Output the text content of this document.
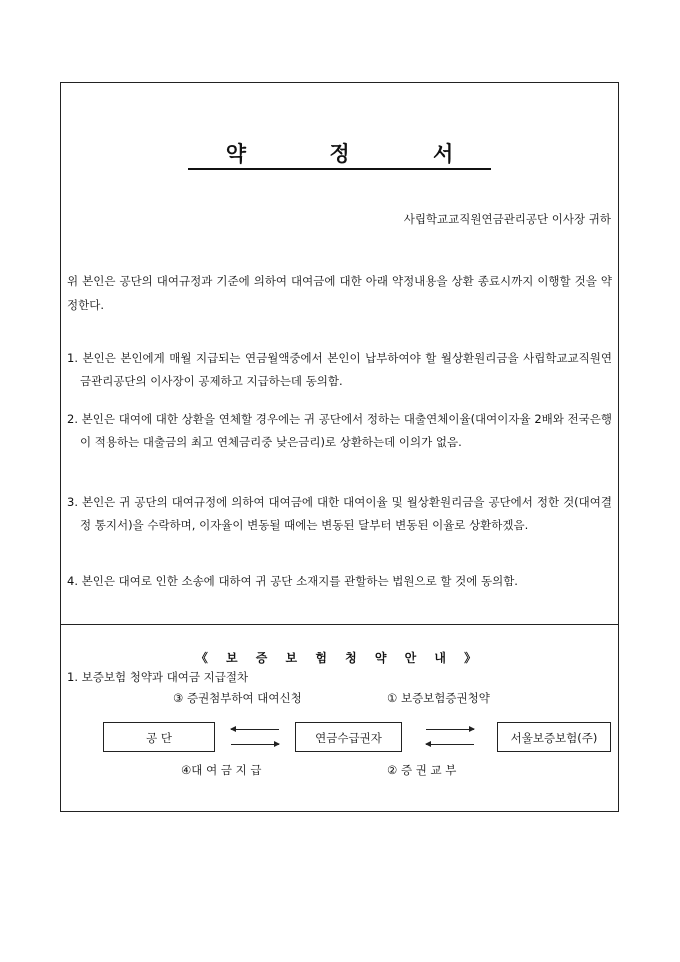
약 정 서
사립학교교직원연금관리공단 이사장 귀하
위 본인은 공단의 대여규정과 기준에 의하여 대여금에 대한 아래 약정내용을 상환 종료시까지 이행할 것을 약정한다.
1. 본인은 본인에게 매월 지급되는 연금월액중에서 본인이 납부하여야 할 월상환원리금을 사립학교교직원연금관리공단의 이사장이 공제하고 지급하는데 동의함.
2. 본인은 대여에 대한 상환을 연체할 경우에는 귀 공단에서 정하는 대출연체이율(대여이자율 2배와 전국은행이 적용하는 대출금의 최고 연체금리중 낮은금리)로 상환하는데 이의가 없음.
3. 본인은 귀 공단의 대여규정에 의하여 대여금에 대한 대여이율 및 월상환원리금을 공단에서 정한 것(대여결정 통지서)을 수락하며, 이자율이 변동될 때에는 변동된 달부터 변동된 이율로 상환하겠음.
4. 본인은 대여로 인한 소송에 대하여 귀 공단 소재지를 관할하는 법원으로 할 것에 동의함.
《 보 증 보 험 청 약 안 내 》
1. 보증보험 청약과 대여금 지급절차
③ 증권첨부하여 대여신청	① 보증보험증권청약
공 단	연금수급권자	서울보증보험(주)
④대 여 금 지 급	② 증 권 교 부
